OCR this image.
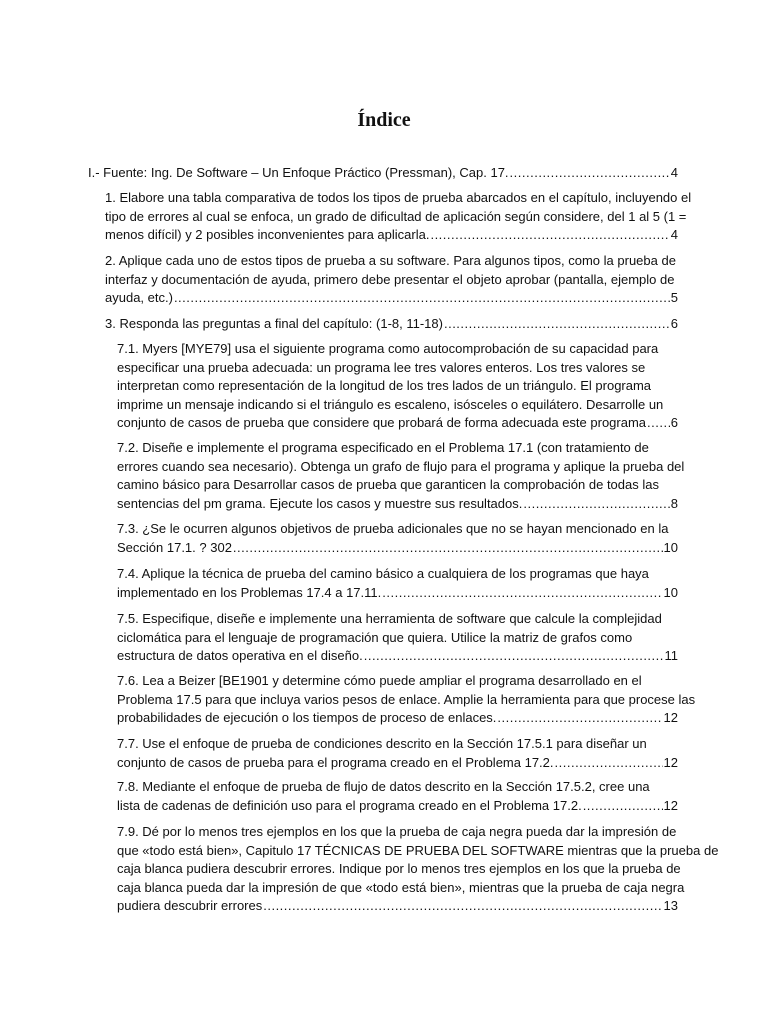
Índice
I.- Fuente: Ing. De Software – Un Enfoque Práctico (Pressman), Cap. 17. .....	4
1. Elabore una tabla comparativa de todos los tipos de prueba abarcados en el capítulo, incluyendo el
tipo de errores al cual se enfoca, un grado de dificultad de aplicación según considere, del 1 al 5 (1 =
menos difícil) y 2 posibles inconvenientes para aplicarla. .....	4
2. Aplique cada uno de estos tipos de prueba a su software. Para algunos tipos, como la prueba de
interfaz y documentación de ayuda, primero debe presentar el objeto aprobar (pantalla, ejemplo de
ayuda, etc.) .....	5
3. Responda las preguntas a final del capítulo: (1-8, 11-18) .....	6
7.1. Myers [MYE79] usa el siguiente programa como autocomprobación de su capacidad para
especificar una prueba adecuada: un programa lee tres valores enteros. Los tres valores se
interpretan como representación de la longitud de los tres lados de un triángulo. El programa
imprime un mensaje indicando si el triángulo es escaleno, isósceles o equilátero. Desarrolle un
conjunto de casos de prueba que considere que probará de forma adecuada este programa ..... 6
7.2. Diseñe e implemente el programa especificado en el Problema 17.1 (con tratamiento de
errores cuando sea necesario). Obtenga un grafo de flujo para el programa y aplique la prueba del
camino básico para Desarrollar casos de prueba que garanticen la comprobación de todas las
sentencias del pm grama. Ejecute los casos y muestre sus resultados. .....	8
7.3. ¿Se le ocurren algunos objetivos de prueba adicionales que no se hayan mencionado en la
Sección 17.1. ? 302 .....	10
7.4. Aplique la técnica de prueba del camino básico a cualquiera de los programas que haya
implementado en los Problemas 17.4 a 17.11. .....	10
7.5. Especifique, diseñe e implemente una herramienta de software que calcule la complejidad
ciclomática para el lenguaje de programación que quiera. Utilice la matriz de grafos como
estructura de datos operativa en el diseño. .....	11
7.6. Lea a Beizer [BE1901 y determine cómo puede ampliar el programa desarrollado en el
Problema 17.5 para que incluya varios pesos de enlace. Amplie la herramienta para que procese las
probabilidades de ejecución o los tiempos de proceso de enlaces. .....	12
7.7. Use el enfoque de prueba de condiciones descrito en la Sección 17.5.1 para diseñar un
conjunto de casos de prueba para el programa creado en el Problema 17.2. .....	12
7.8. Mediante el enfoque de prueba de flujo de datos descrito en la Sección 17.5.2, cree una
lista de cadenas de definición uso para el programa creado en el Problema 17.2. .....	12
7.9. Dé por lo menos tres ejemplos en los que la prueba de caja negra pueda dar la impresión de
que «todo está bien», Capitulo 17 TÉCNICAS DE PRUEBA DEL SOFTWARE mientras que la prueba de
caja blanca pudiera descubrir errores. Indique por lo menos tres ejemplos en los que la prueba de
caja blanca pueda dar la impresión de que «todo está bien», mientras que la prueba de caja negra
pudiera descubrir errores .....	13
